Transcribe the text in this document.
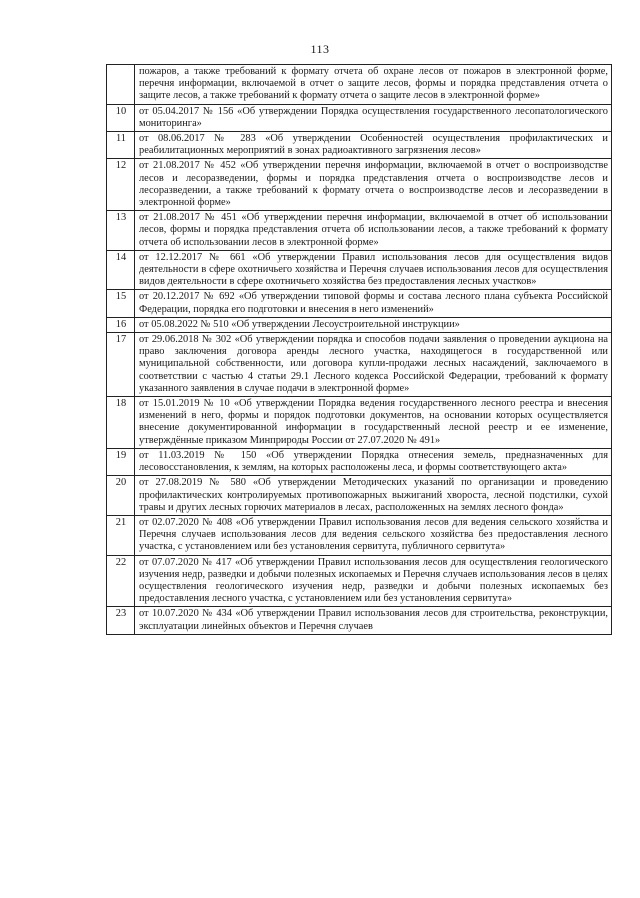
113
	пожаров, а также требований к формату отчета об охране лесов от пожаров в электронной форме, перечня информации, включаемой в отчет о защите лесов, формы и порядка представления отчета о защите лесов, а также требований к формату отчета о защите лесов в электронной форме»
10	от 05.04.2017 № 156 «Об утверждении Порядка осуществления государственного лесопатологического мониторинга»
11	от 08.06.2017 № 283 «Об утверждении Особенностей осуществления профилактических и реабилитационных мероприятий в зонах радиоактивного загрязнения лесов»
12	от 21.08.2017 № 452 «Об утверждении перечня информации, включаемой в отчет о воспроизводстве лесов и лесоразведении, формы и порядка представления отчета о воспроизводстве лесов и лесоразведении, а также требований к формату отчета о воспроизводстве лесов и лесоразведении в электронной форме»
13	от 21.08.2017 № 451 «Об утверждении перечня информации, включаемой в отчет об использовании лесов, формы и порядка представления отчета об использовании лесов, а также требований к формату отчета об использовании лесов в электронной форме»
14	от 12.12.2017 № 661 «Об утверждении Правил использования лесов для осуществления видов деятельности в сфере охотничьего хозяйства и Перечня случаев использования лесов для осуществления видов деятельности в сфере охотничьего хозяйства без предоставления лесных участков»
15	от 20.12.2017 № 692 «Об утверждении типовой формы и состава лесного плана субъекта Российской Федерации, порядка его подготовки и внесения в него изменений»
16	от 05.08.2022 № 510 «Об утверждении Лесоустроительной инструкции»
17	от 29.06.2018 № 302 «Об утверждении порядка и способов подачи заявления о проведении аукциона на право заключения договора аренды лесного участка, находящегося в государственной или муниципальной собственности, или договора купли-продажи лесных насаждений, заключаемого в соответствии с частью 4 статьи 29.1 Лесного кодекса Российской Федерации, требований к формату указанного заявления в случае подачи в электронной форме»
18	от 15.01.2019 № 10 «Об утверждении Порядка ведения государственного лесного реестра и внесения изменений в него, формы и порядок подготовки документов, на основании которых осуществляется внесение документированной информации в государственный лесной реестр и ее изменение, утверждённые приказом Минприроды России от 27.07.2020 № 491»
19	от 11.03.2019 № 150 «Об утверждении Порядка отнесения земель, предназначенных для лесовосстановления, к землям, на которых расположены леса, и формы соответствующего акта»
20	от 27.08.2019 № 580 «Об утверждении Методических указаний по организации и проведению профилактических контролируемых противопожарных выжиганий хвороста, лесной подстилки, сухой травы и других лесных горючих материалов в лесах, расположенных на землях лесного фонда»
21	от 02.07.2020 № 408 «Об утверждении Правил использования лесов для ведения сельского хозяйства и Перечня случаев использования лесов для ведения сельского хозяйства без предоставления лесного участка, с установлением или без установления сервитута, публичного сервитута»
22	от 07.07.2020 № 417 «Об утверждении Правил использования лесов для осуществления геологического изучения недр, разведки и добычи полезных ископаемых и Перечня случаев использования лесов в целях осуществления геологического изучения недр, разведки и добычи полезных ископаемых без предоставления лесного участка, с установлением или без установления сервитута»
23	от 10.07.2020 № 434 «Об утверждении Правил использования лесов для строительства, реконструкции, эксплуатации линейных объектов и Перечня случаев
